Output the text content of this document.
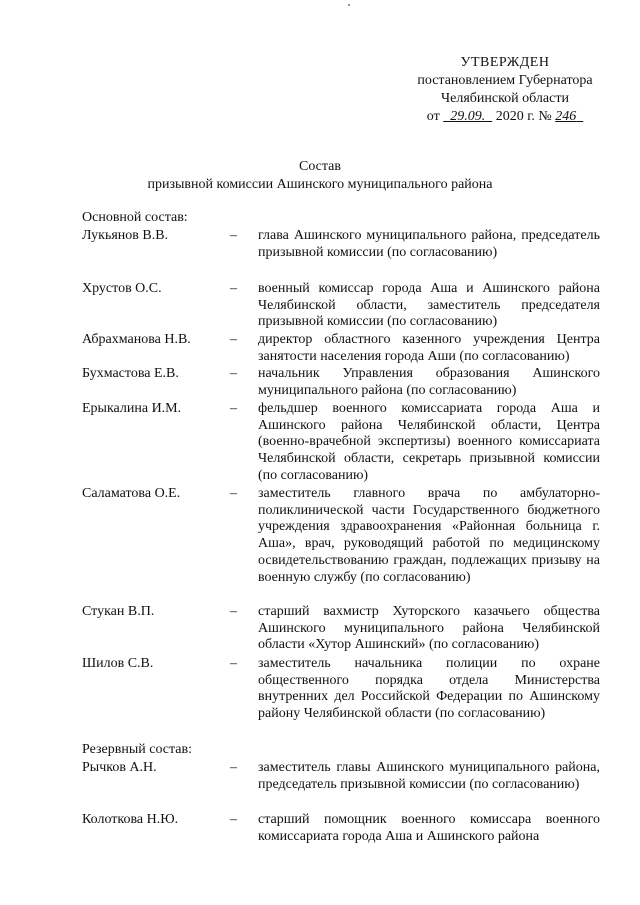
УТВЕРЖДЕН
постановлением Губернатора
Челябинской области
от 29.09. 2020 г. № 246
Состав
призывной комиссии Ашинского муниципального района
Основной состав:
Лукьянов В.В.	–	глава Ашинского муниципального района, председатель призывной комиссии (по согласованию)
Хрустов О.С.	–	военный комиссар города Аша и Ашинского района Челябинской области, заместитель председателя призывной комиссии (по согласованию)
Абрахманова Н.В.	–	директор областного казенного учреждения Центра занятости населения города Аши (по согласованию)
Бухмастова Е.В.	–	начальник Управления образования Ашинского муниципального района (по согласованию)
Ерыкалина И.М.	–	фельдшер военного комиссариата города Аша и Ашинского района Челябинской области, Центра (военно-врачебной экспертизы) военного комиссариата Челябинской области, секретарь призывной комиссии (по согласованию)
Саламатова О.Е.	–	заместитель главного врача по амбулаторно-поликлинической части Государственного бюджетного учреждения здравоохранения «Районная больница г. Аша», врач, руководящий работой по медицинскому освидетельствованию граждан, подлежащих призыву на военную службу (по согласованию)
Стукан В.П.	–	старший вахмистр Хуторского казачьего общества Ашинского муниципального района Челябинской области «Хутор Ашинский» (по согласованию)
Шилов С.В.	–	заместитель начальника полиции по охране общественного порядка отдела Министерства внутренних дел Российской Федерации по Ашинскому району Челябинской области (по согласованию)
Резервный состав:
Рычков А.Н.	–	заместитель главы Ашинского муниципального района, председатель призывной комиссии (по согласованию)
Колоткова Н.Ю.	–	старший помощник военного комиссара военного комиссариата города Аша и Ашинского района
